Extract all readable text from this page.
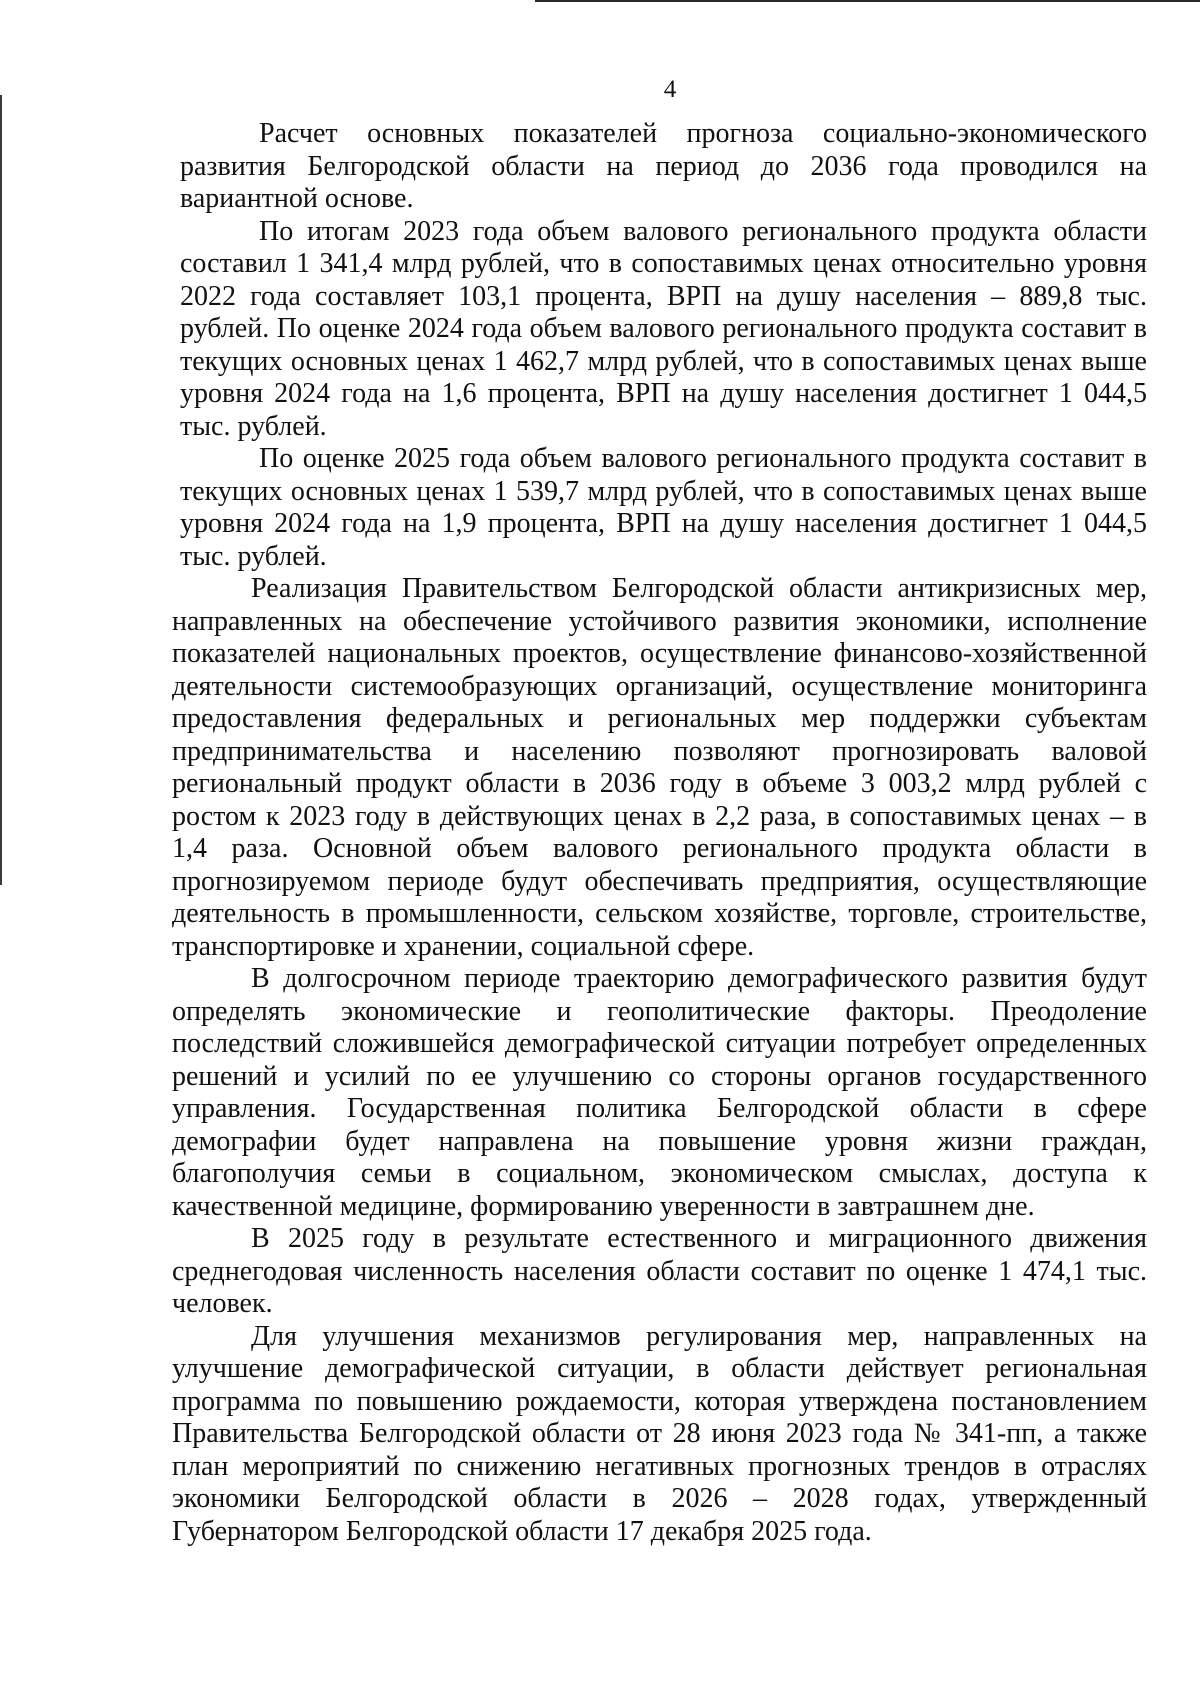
4

Расчет основных показателей прогноза социально-экономического развития Белгородской области на период до 2036 года проводился на вариантной основе.

По итогам 2023 года объем валового регионального продукта области составил 1 341,4 млрд рублей, что в сопоставимых ценах относительно уровня 2022 года составляет 103,1 процента, ВРП на душу населения – 889,8 тыс. рублей. По оценке 2024 года объем валового регионального продукта составит в текущих основных ценах 1 462,7 млрд рублей, что в сопоставимых ценах выше уровня 2024 года на 1,6 процента, ВРП на душу населения достигнет 1 044,5 тыс. рублей.

По оценке 2025 года объем валового регионального продукта составит в текущих основных ценах 1 539,7 млрд рублей, что в сопоставимых ценах выше уровня 2024 года на 1,9 процента, ВРП на душу населения достигнет 1 044,5 тыс. рублей.

Реализация Правительством Белгородской области антикризисных мер, направленных на обеспечение устойчивого развития экономики, исполнение показателей национальных проектов, осуществление финансово-хозяйственной деятельности системообразующих организаций, осуществление мониторинга предоставления федеральных и региональных мер поддержки субъектам предпринимательства и населению позволяют прогнозировать валовой региональный продукт области в 2036 году в объеме 3 003,2 млрд рублей с ростом к 2023 году в действующих ценах в 2,2 раза, в сопоставимых ценах – в 1,4 раза. Основной объем валового регионального продукта области в прогнозируемом периоде будут обеспечивать предприятия, осуществляющие деятельность в промышленности, сельском хозяйстве, торговле, строительстве, транспортировке и хранении, социальной сфере.

В долгосрочном периоде траекторию демографического развития будут определять экономические и геополитические факторы. Преодоление последствий сложившейся демографической ситуации потребует определенных решений и усилий по ее улучшению со стороны органов государственного управления. Государственная политика Белгородской области в сфере демографии будет направлена на повышение уровня жизни граждан, благополучия семьи в социальном, экономическом смыслах, доступа к качественной медицине, формированию уверенности в завтрашнем дне.

В 2025 году в результате естественного и миграционного движения среднегодовая численность населения области составит по оценке 1 474,1 тыс. человек.

Для улучшения механизмов регулирования мер, направленных на улучшение демографической ситуации, в области действует региональная программа по повышению рождаемости, которая утверждена постановлением Правительства Белгородской области от 28 июня 2023 года № 341-пп, а также план мероприятий по снижению негативных прогнозных трендов в отраслях экономики Белгородской области в 2026 – 2028 годах, утвержденный Губернатором Белгородской области 17 декабря 2025 года.
